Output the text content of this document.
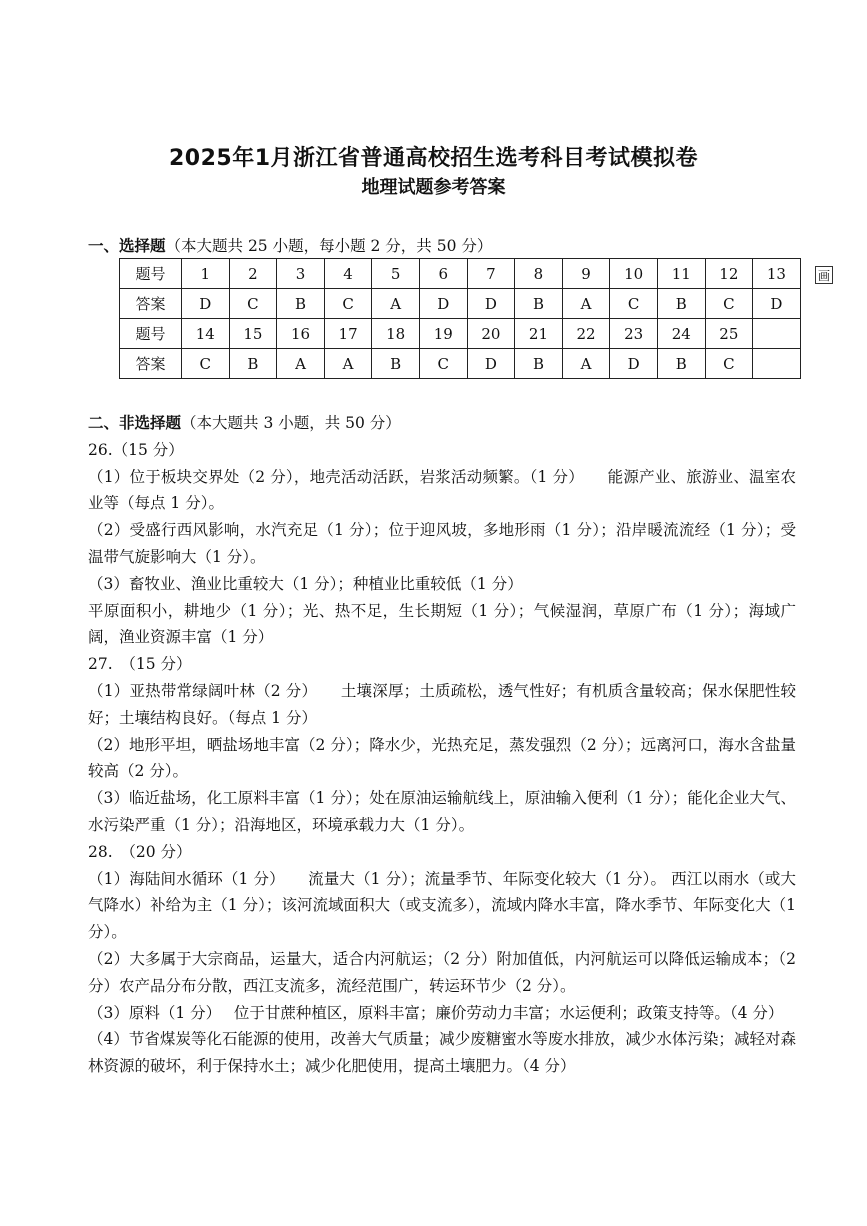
2025年1月浙江省普通高校招生选考科目考试模拟卷
地理试题参考答案
一、选择题（本大题共 25 小题，每小题 2 分，共 50 分）
题号	1	2	3	4	5	6	7	8	9	10	11	12	13
答案	D	C	B	C	A	D	D	B	A	C	B	C	D
题号	14	15	16	17	18	19	20	21	22	23	24	25	
答案	C	B	A	A	B	C	D	B	A	D	B	C	
画

二、非选择题（本大题共 3 小题，共 50 分）

26.（15 分）

（1）位于板块交界处（2 分），地壳活动活跃，岩浆活动频繁。（1 分）　　能源产业、旅游业、温室农业等（每点 1 分）。

（2）受盛行西风影响，水汽充足（1 分）；位于迎风坡，多地形雨（1 分）；沿岸暖流流经（1 分）；受温带气旋影响大（1 分）。

（3）畜牧业、渔业比重较大（1 分）；种植业比重较低（1 分）

平原面积小，耕地少（1 分）；光、热不足，生长期短（1 分）；气候湿润，草原广布（1 分）；海域广阔，渔业资源丰富（1 分）

27.　（15 分）

（1）亚热带常绿阔叶林（2 分）　　土壤深厚；土质疏松，透气性好；有机质含量较高；保水保肥性较好；土壤结构良好。（每点 1 分）

（2）地形平坦，晒盐场地丰富（2 分）；降水少，光热充足，蒸发强烈（2 分）；远离河口，海水含盐量较高（2 分）。

（3）临近盐场，化工原料丰富（1 分）；处在原油运输航线上，原油输入便利（1 分）；能化企业大气、水污染严重（1 分）；沿海地区，环境承载力大（1 分）。

28.　（20 分）

（1）海陆间水循环（1 分）　　流量大（1 分）；流量季节、年际变化较大（1 分）。 西江以雨水（或大气降水）补给为主（1 分）；该河流域面积大（或支流多），流域内降水丰富，降水季节、年际变化大（1 分）。

（2）大多属于大宗商品，运量大，适合内河航运；（2 分）附加值低，内河航运可以降低运输成本；（2 分）农产品分布分散，西江支流多，流经范围广，转运环节少（2 分）。

（3）原料（1 分）　 位于甘蔗种植区，原料丰富；廉价劳动力丰富；水运便利；政策支持等。（4 分）

（4）节省煤炭等化石能源的使用，改善大气质量；减少废糖蜜水等废水排放，减少水体污染；减轻对森林资源的破坏，利于保持水土；减少化肥使用，提高土壤肥力。（4 分）
